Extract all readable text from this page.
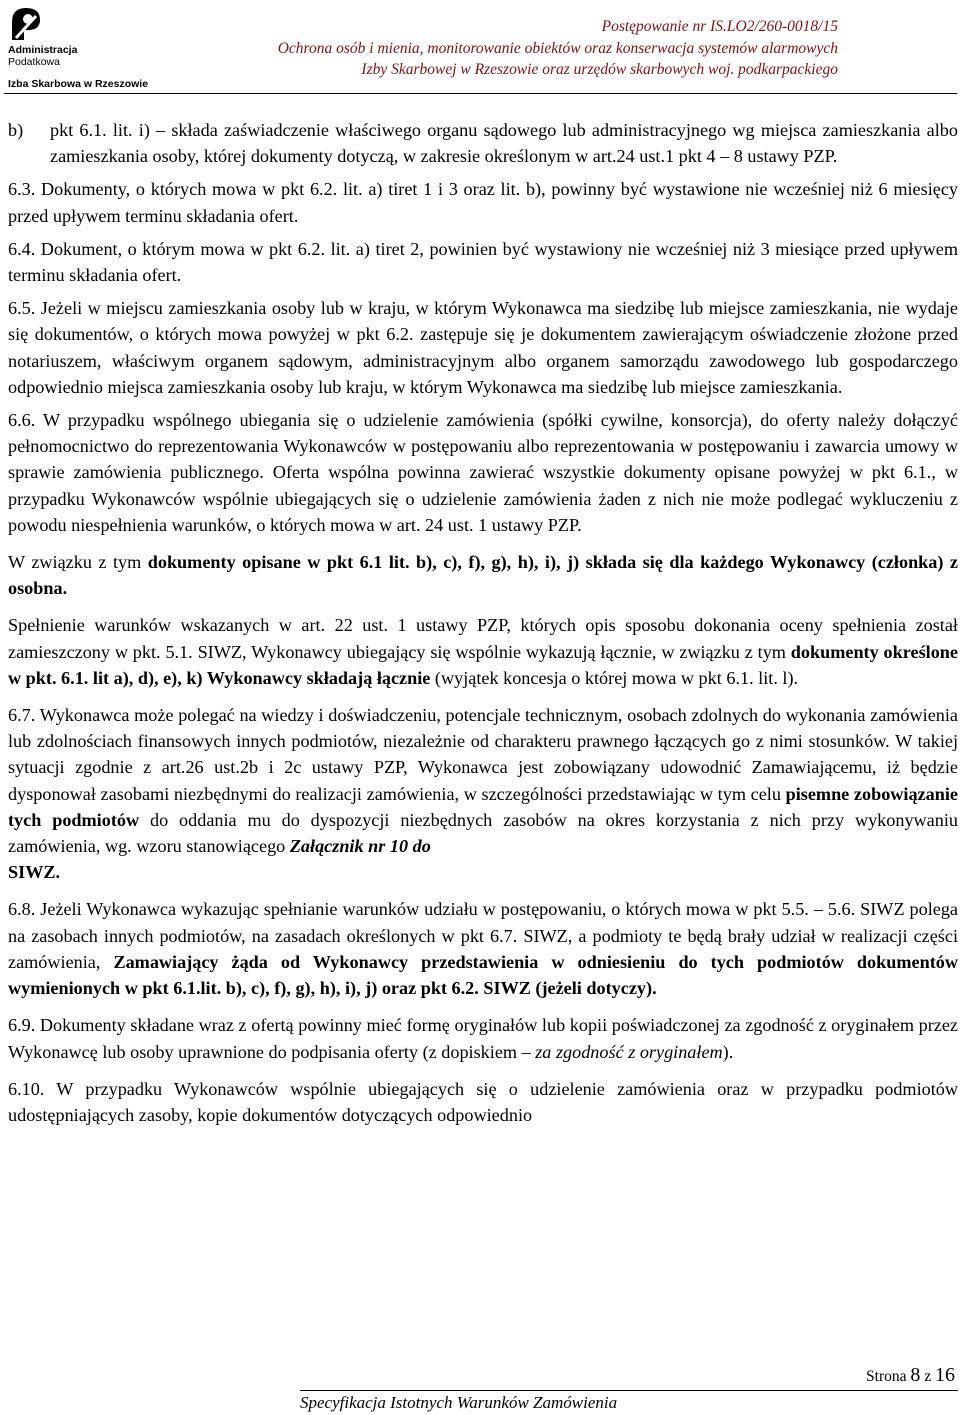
Administracja
Podatkowa
Izba Skarbowa w Rzeszowie
Postępowanie nr IS.LO2/260-0018/15
Ochrona osób i mienia, monitorowanie obiektów oraz konserwacja systemów alarmowych
Izby Skarbowej w Rzeszowie oraz urzędów skarbowych woj. podkarpackiego
b)	pkt 6.1. lit. i) – składa zaświadczenie właściwego organu sądowego lub administracyjnego wg miejsca zamieszkania albo zamieszkania osoby, której dokumenty dotyczą, w zakresie określonym w art.24 ust.1 pkt 4 – 8 ustawy PZP.

6.3. Dokumenty, o których mowa w pkt 6.2. lit. a) tiret 1 i 3 oraz lit. b), powinny być wystawione nie wcześniej niż 6 miesięcy przed upływem terminu składania ofert.

6.4. Dokument, o którym mowa w pkt 6.2. lit. a) tiret 2, powinien być wystawiony nie wcześniej niż 3 miesiące przed upływem terminu składania ofert.

6.5. Jeżeli w miejscu zamieszkania osoby lub w kraju, w którym Wykonawca ma siedzibę lub miejsce zamieszkania, nie wydaje się dokumentów, o których mowa powyżej w pkt 6.2. zastępuje się je dokumentem zawierającym oświadczenie złożone przed notariuszem, właściwym organem sądowym, administracyjnym albo organem samorządu zawodowego lub gospodarczego odpowiednio miejsca zamieszkania osoby lub kraju, w którym Wykonawca ma siedzibę lub miejsce zamieszkania.

6.6. W przypadku wspólnego ubiegania się o udzielenie zamówienia (spółki cywilne, konsorcja), do oferty należy dołączyć pełnomocnictwo do reprezentowania Wykonawców w postępowaniu albo reprezentowania w postępowaniu i zawarcia umowy w sprawie zamówienia publicznego. Oferta wspólna powinna zawierać wszystkie dokumenty opisane powyżej w pkt 6.1., w przypadku Wykonawców wspólnie ubiegających się o udzielenie zamówienia żaden z nich nie może podlegać wykluczeniu z powodu niespełnienia warunków, o których mowa w art. 24 ust. 1 ustawy PZP.

W związku z tym dokumenty opisane w pkt 6.1 lit. b), c), f), g), h), i), j) składa się dla każdego Wykonawcy (członka) z osobna.

Spełnienie warunków wskazanych w art. 22 ust. 1 ustawy PZP, których opis sposobu dokonania oceny spełnienia został zamieszczony w pkt. 5.1. SIWZ, Wykonawcy ubiegający się wspólnie wykazują łącznie, w związku z tym dokumenty określone w pkt. 6.1. lit a), d), e), k) Wykonawcy składają łącznie (wyjątek koncesja o której mowa w pkt 6.1. lit. l).

6.7. Wykonawca może polegać na wiedzy i doświadczeniu, potencjale technicznym, osobach zdolnych do wykonania zamówienia lub zdolnościach finansowych innych podmiotów, niezależnie od charakteru prawnego łączących go z nimi stosunków. W takiej sytuacji zgodnie z art.26 ust.2b i 2c ustawy PZP, Wykonawca jest zobowiązany udowodnić Zamawiającemu, iż będzie dysponował zasobami niezbędnymi do realizacji zamówienia, w szczególności przedstawiając w tym celu pisemne zobowiązanie tych podmiotów do oddania mu do dyspozycji niezbędnych zasobów na okres korzystania z nich przy wykonywaniu zamówienia, wg. wzoru stanowiącego Załącznik nr 10 do
SIWZ.

6.8. Jeżeli Wykonawca wykazując spełnianie warunków udziału w postępowaniu, o których mowa w pkt 5.5. – 5.6. SIWZ polega na zasobach innych podmiotów, na zasadach określonych w pkt 6.7. SIWZ, a podmioty te będą brały udział w realizacji części zamówienia, Zamawiający żąda od Wykonawcy przedstawienia w odniesieniu do tych podmiotów dokumentów wymienionych w pkt 6.1.lit. b), c), f), g), h), i), j) oraz pkt 6.2. SIWZ (jeżeli dotyczy).

6.9. Dokumenty składane wraz z ofertą powinny mieć formę oryginałów lub kopii poświadczonej za zgodność z oryginałem przez Wykonawcę lub osoby uprawnione do podpisania oferty (z dopiskiem – za zgodność z oryginałem).

6.10. W przypadku Wykonawców wspólnie ubiegających się o udzielenie zamówienia oraz w przypadku podmiotów udostępniających zasoby, kopie dokumentów dotyczących odpowiednio

Strona 8 z 16
Specyfikacja Istotnych Warunków Zamówienia
